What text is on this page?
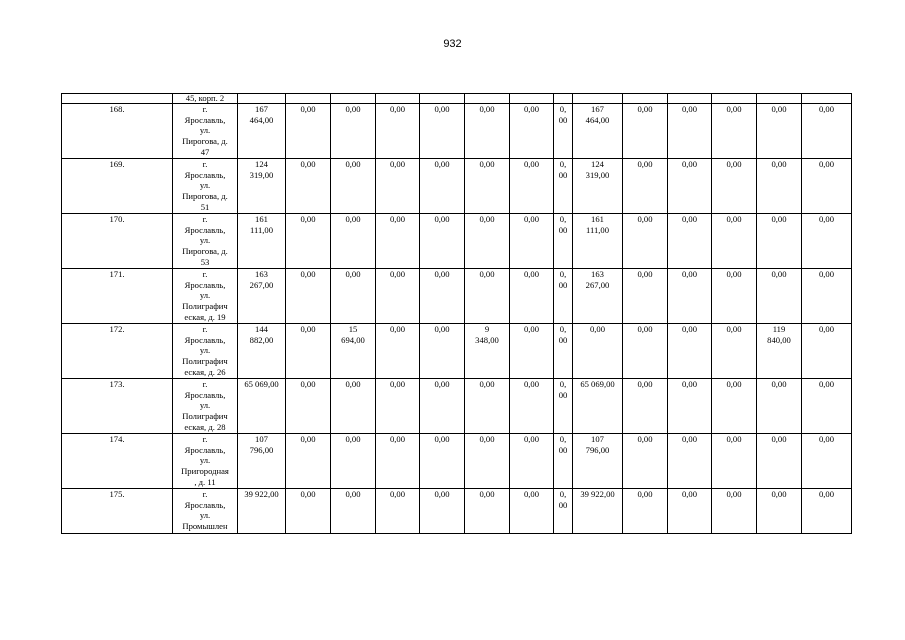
932
	45, корп. 2														
168.	г.
Ярославль,
ул.
Пирогова, д.
47	167
464,00	0,00	0,00	0,00	0,00	0,00	0,00	0,
00	167
464,00	0,00	0,00	0,00	0,00	0,00
169.	г.
Ярославль,
ул.
Пирогова, д.
51	124
319,00	0,00	0,00	0,00	0,00	0,00	0,00	0,
00	124
319,00	0,00	0,00	0,00	0,00	0,00
170.	г.
Ярославль,
ул.
Пирогова, д.
53	161
111,00	0,00	0,00	0,00	0,00	0,00	0,00	0,
00	161
111,00	0,00	0,00	0,00	0,00	0,00
171.	г.
Ярославль,
ул.
Полиграфич
еская, д. 19	163
267,00	0,00	0,00	0,00	0,00	0,00	0,00	0,
00	163
267,00	0,00	0,00	0,00	0,00	0,00
172.	г.
Ярославль,
ул.
Полиграфич
еская, д. 26	144
882,00	0,00	15
694,00	0,00	0,00	9
348,00	0,00	0,
00	0,00	0,00	0,00	0,00	119
840,00	0,00
173.	г.
Ярославль,
ул.
Полиграфич
еская, д. 28	65 069,00	0,00	0,00	0,00	0,00	0,00	0,00	0,
00	65 069,00	0,00	0,00	0,00	0,00	0,00
174.	г.
Ярославль,
ул.
Пригородная
, д. 11	107
796,00	0,00	0,00	0,00	0,00	0,00	0,00	0,
00	107
796,00	0,00	0,00	0,00	0,00	0,00
175.	г.
Ярославль,
ул.
Промышлен	39 922,00	0,00	0,00	0,00	0,00	0,00	0,00	0,
00	39 922,00	0,00	0,00	0,00	0,00	0,00
